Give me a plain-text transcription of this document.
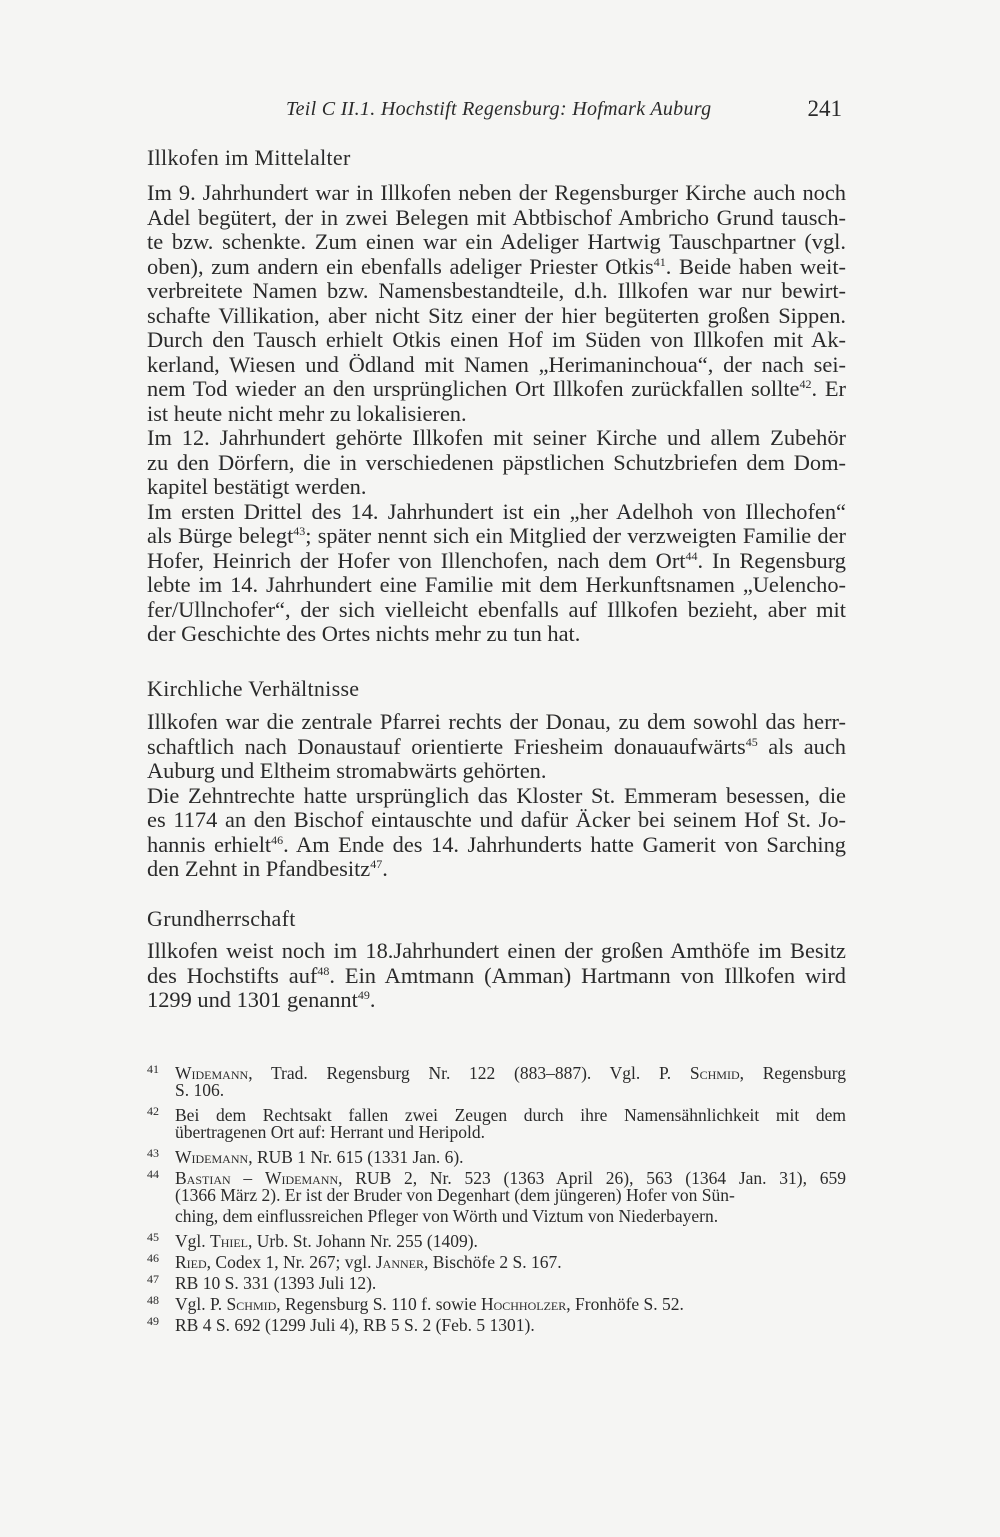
Teil C II.1. Hochstift Regensburg: Hofmark Auburg	241
Illkofen im Mittelalter
Im 9. Jahrhundert war in Illkofen neben der Regensburger Kirche auch noch
Adel begütert, der in zwei Belegen mit Abtbischof Ambricho Grund tausch-
te bzw. schenkte. Zum einen war ein Adeliger Hartwig Tauschpartner (vgl.
oben), zum andern ein ebenfalls adeliger Priester Otkis$^{41}$. Beide haben weit-
verbreitete Namen bzw. Namensbestandteile, d.h. Illkofen war nur bewirt-
schafte Villikation, aber nicht Sitz einer der hier begüterten großen Sippen.
Durch den Tausch erhielt Otkis einen Hof im Süden von Illkofen mit Ak-
kerland, Wiesen und Ödland mit Namen „Herimaninchoua“, der nach sei-
nem Tod wieder an den ursprünglichen Ort Illkofen zurückfallen sollte$^{42}$. Er
ist heute nicht mehr zu lokalisieren.
Im 12. Jahrhundert gehörte Illkofen mit seiner Kirche und allem Zubehör
zu den Dörfern, die in verschiedenen päpstlichen Schutzbriefen dem Dom-
kapitel bestätigt werden.
Im ersten Drittel des 14. Jahrhundert ist ein „her Adelhoh von Illechofen“
als Bürge belegt$^{43}$; später nennt sich ein Mitglied der verzweigten Familie der
Hofer, Heinrich der Hofer von Illenchofen, nach dem Ort$^{44}$. In Regensburg
lebte im 14. Jahrhundert eine Familie mit dem Herkunftsnamen „Uelencho-
fer/Ullnchofer“, der sich vielleicht ebenfalls auf Illkofen bezieht, aber mit
der Geschichte des Ortes nichts mehr zu tun hat.
Kirchliche Verhältnisse
Illkofen war die zentrale Pfarrei rechts der Donau, zu dem sowohl das herr-
schaftlich nach Donaustauf orientierte Friesheim donauaufwärts$^{45}$ als auch
Auburg und Eltheim stromabwärts gehörten.
Die Zehntrechte hatte ursprünglich das Kloster St. Emmeram besessen, die
es 1174 an den Bischof eintauschte und dafür Äcker bei seinem Hof St. Jo-
hannis erhielt$^{46}$. Am Ende des 14. Jahrhunderts hatte Gamerit von Sarching
den Zehnt in Pfandbesitz$^{47}$.
Grundherrschaft
Illkofen weist noch im 18.Jahrhundert einen der großen Amthöfe im Besitz
des Hochstifts auf$^{48}$. Ein Amtmann (Amman) Hartmann von Illkofen wird
1299 und 1301 genannt$^{49}$.
41 Widemann, Trad. Regensburg Nr. 122 (883–887). Vgl. P. Schmid, Regensburg
S. 106.
42 Bei dem Rechtsakt fallen zwei Zeugen durch ihre Namensähnlichkeit mit dem
übertragenen Ort auf: Herrant und Heripold.
43 Widemann, RUB 1 Nr. 615 (1331 Jan. 6).
44 Bastian – Widemann, RUB 2, Nr. 523 (1363 April 26), 563 (1364 Jan. 31), 659
(1366 März 2). Er ist der Bruder von Degenhart (dem jüngeren) Hofer von Sün-
ching, dem einflussreichen Pfleger von Wörth und Viztum von Niederbayern.
45 Vgl. Thiel, Urb. St. Johann Nr. 255 (1409).
46 Ried, Codex 1, Nr. 267; vgl. Janner, Bischöfe 2 S. 167.
47 RB 10 S. 331 (1393 Juli 12).
48 Vgl. P. Schmid, Regensburg S. 110 f. sowie Hochholzer, Fronhöfe S. 52.
49 RB 4 S. 692 (1299 Juli 4), RB 5 S. 2 (Feb. 5 1301).
